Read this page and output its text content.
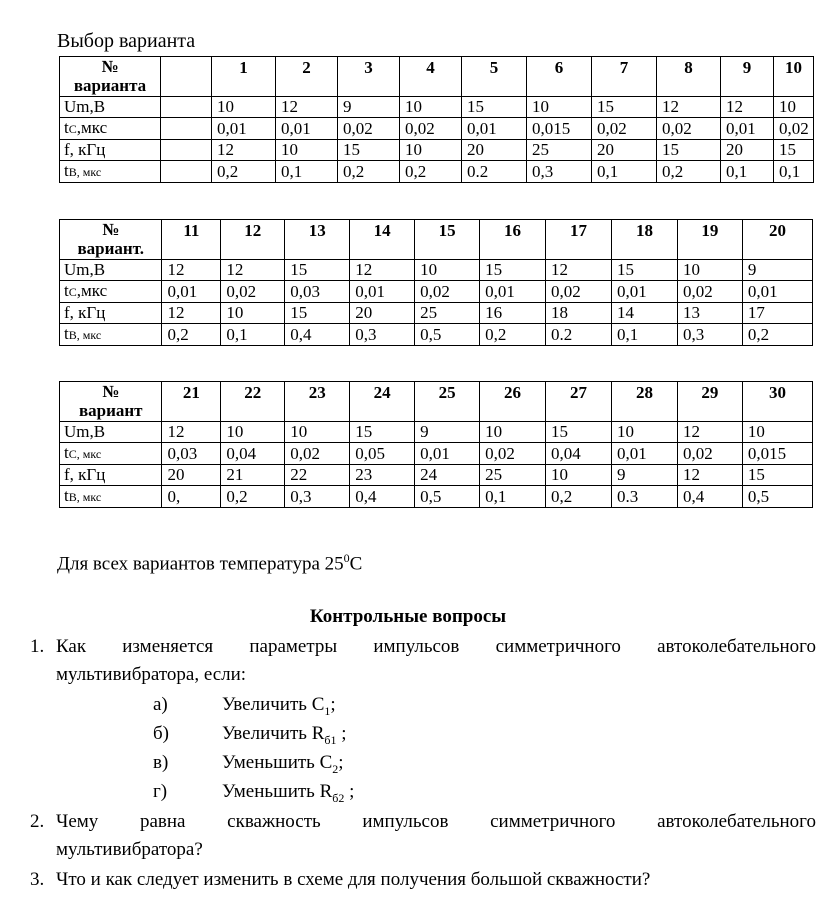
Выбор варианта
№
варианта		1	2	3	4	5	6	7	8	9	10
Um,B		10	12	9	10	15	10	15	12	12	10
tC,мкс		0,01	0,01	0,02	0,02	0,01	0,015	0,02	0,02	0,01	0,02
f, кГц		12	10	15	10	20	25	20	15	20	15
tB, мкс		0,2	0,1	0,2	0,2	0.2	0,3	0,1	0,2	0,1	0,1
№
вариант.	11	12	13	14	15	16	17	18	19	20
Um,B	12	12	15	12	10	15	12	15	10	9
tC,мкс	0,01	0,02	0,03	0,01	0,02	0,01	0,02	0,01	0,02	0,01
f, кГц	12	10	15	20	25	16	18	14	13	17
tB, мкс	0,2	0,1	0,4	0,3	0,5	0,2	0.2	0,1	0,3	0,2
№
вариант	21	22	23	24	25	26	27	28	29	30
Um,B	12	10	10	15	9	10	15	10	12	10
tC, мкс	0,03	0,04	0,02	0,05	0,01	0,02	0,04	0,01	0,02	0,015
f, кГц	20	21	22	23	24	25	10	9	12	15
tB, мкс	0,	0,2	0,3	0,4	0,5	0,1	0,2	0.3	0,4	0,5
Для всех вариантов температура $25^0C$
Контрольные вопросы
1. Как изменяется параметры импульсов симметричного автоколебательного
мультивибратора, если:
а)	Увеличить $C_1$;
б)	Увеличить $R_{б1}$ ;
в)	Уменьшить $C_2$;
г)	Уменьшить $R_{б2}$ ;
2. Чему равна скважность импульсов симметричного автоколебательного
мультивибратора?
3. Что и как следует изменить в схеме для получения большой скважности?
